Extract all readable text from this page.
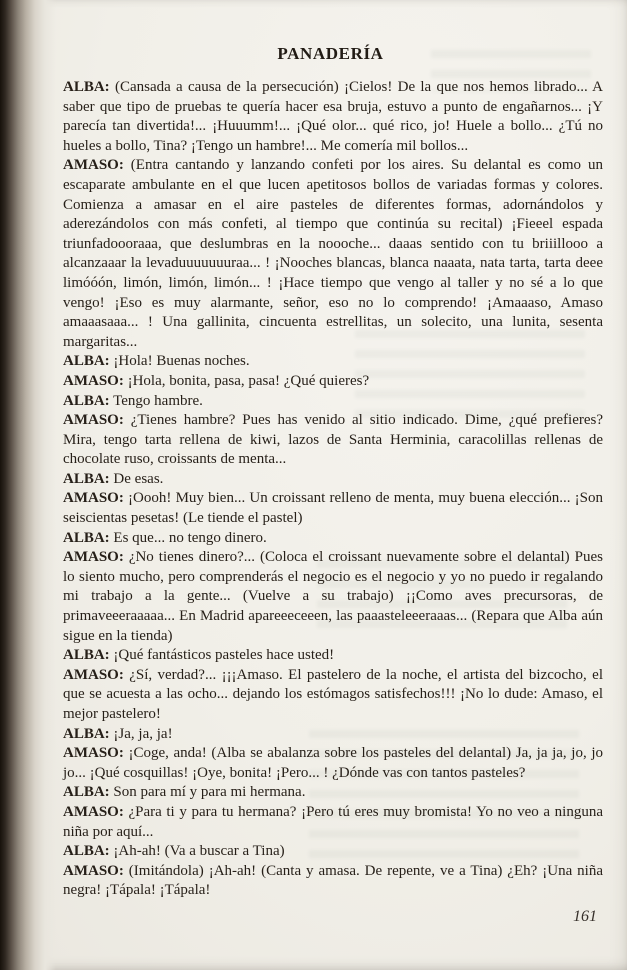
PANADERÍA

ALBA: (Cansada a causa de la persecución) ¡Cielos! De la que nos hemos librado... A saber que tipo de pruebas te quería hacer esa bruja, estuvo a punto de engañarnos... ¡Y parecía tan divertida!... ¡Huuumm!... ¡Qué olor... qué rico, jo! Huele a bollo... ¿Tú no hueles a bollo, Tina? ¡Tengo un hambre!... Me comería mil bollos...

AMASO: (Entra cantando y lanzando confeti por los aires. Su delantal es como un escaparate ambulante en el que lucen apetitosos bollos de variadas formas y colores. Comienza a amasar en el aire pasteles de diferentes formas, adornándolos y aderezándolos con más confeti, al tiempo que continúa su recital) ¡Fieeel espada triunfadoooraaa, que deslumbras en la noooche... daaas sentido con tu briiillooo a alcanzaaar la levaduuuuuuuraa... ! ¡Nooches blancas, blanca naaata, nata tarta, tarta deee limóóón, limón, limón, limón... ! ¡Hace tiempo que vengo al taller y no sé a lo que vengo! ¡Eso es muy alarmante, señor, eso no lo comprendo! ¡Amaaaso, Amaso amaaasaaa... ! Una gallinita, cincuenta estrellitas, un solecito, una lunita, sesenta margaritas...

ALBA: ¡Hola! Buenas noches.

AMASO: ¡Hola, bonita, pasa, pasa! ¿Qué quieres?

ALBA: Tengo hambre.

AMASO: ¿Tienes hambre? Pues has venido al sitio indicado. Dime, ¿qué prefieres? Mira, tengo tarta rellena de kiwi, lazos de Santa Herminia, caracolillas rellenas de chocolate ruso, croissants de menta...

ALBA: De esas.

AMASO: ¡Oooh! Muy bien... Un croissant relleno de menta, muy buena elección... ¡Son seiscientas pesetas! (Le tiende el pastel)

ALBA: Es que... no tengo dinero.

AMASO: ¿No tienes dinero?... (Coloca el croissant nuevamente sobre el delantal) Pues lo siento mucho, pero comprenderás el negocio es el negocio y yo no puedo ir regalando mi trabajo a la gente... (Vuelve a su trabajo) ¡¡Como aves precursoras, de primaveeeraaaaa... En Madrid apareeeceeen, las paaasteleeeraaas... (Repara que Alba aún sigue en la tienda)

ALBA: ¡Qué fantásticos pasteles hace usted!

AMASO: ¿Sí, verdad?... ¡¡¡Amaso. El pastelero de la noche, el artista del bizcocho, el que se acuesta a las ocho... dejando los estómagos satisfechos!!! ¡No lo dude: Amaso, el mejor pastelero!

ALBA: ¡Ja, ja, ja!

AMASO: ¡Coge, anda! (Alba se abalanza sobre los pasteles del delantal) Ja, ja ja, jo, jo jo... ¡Qué cosquillas! ¡Oye, bonita! ¡Pero... ! ¿Dónde vas con tantos pasteles?

ALBA: Son para mí y para mi hermana.

AMASO: ¿Para ti y para tu hermana? ¡Pero tú eres muy bromista! Yo no veo a ninguna niña por aquí...

ALBA: ¡Ah-ah! (Va a buscar a Tina)

AMASO: (Imitándola) ¡Ah-ah! (Canta y amasa. De repente, ve a Tina) ¿Eh? ¡Una niña negra! ¡Tápala! ¡Tápala!

161
